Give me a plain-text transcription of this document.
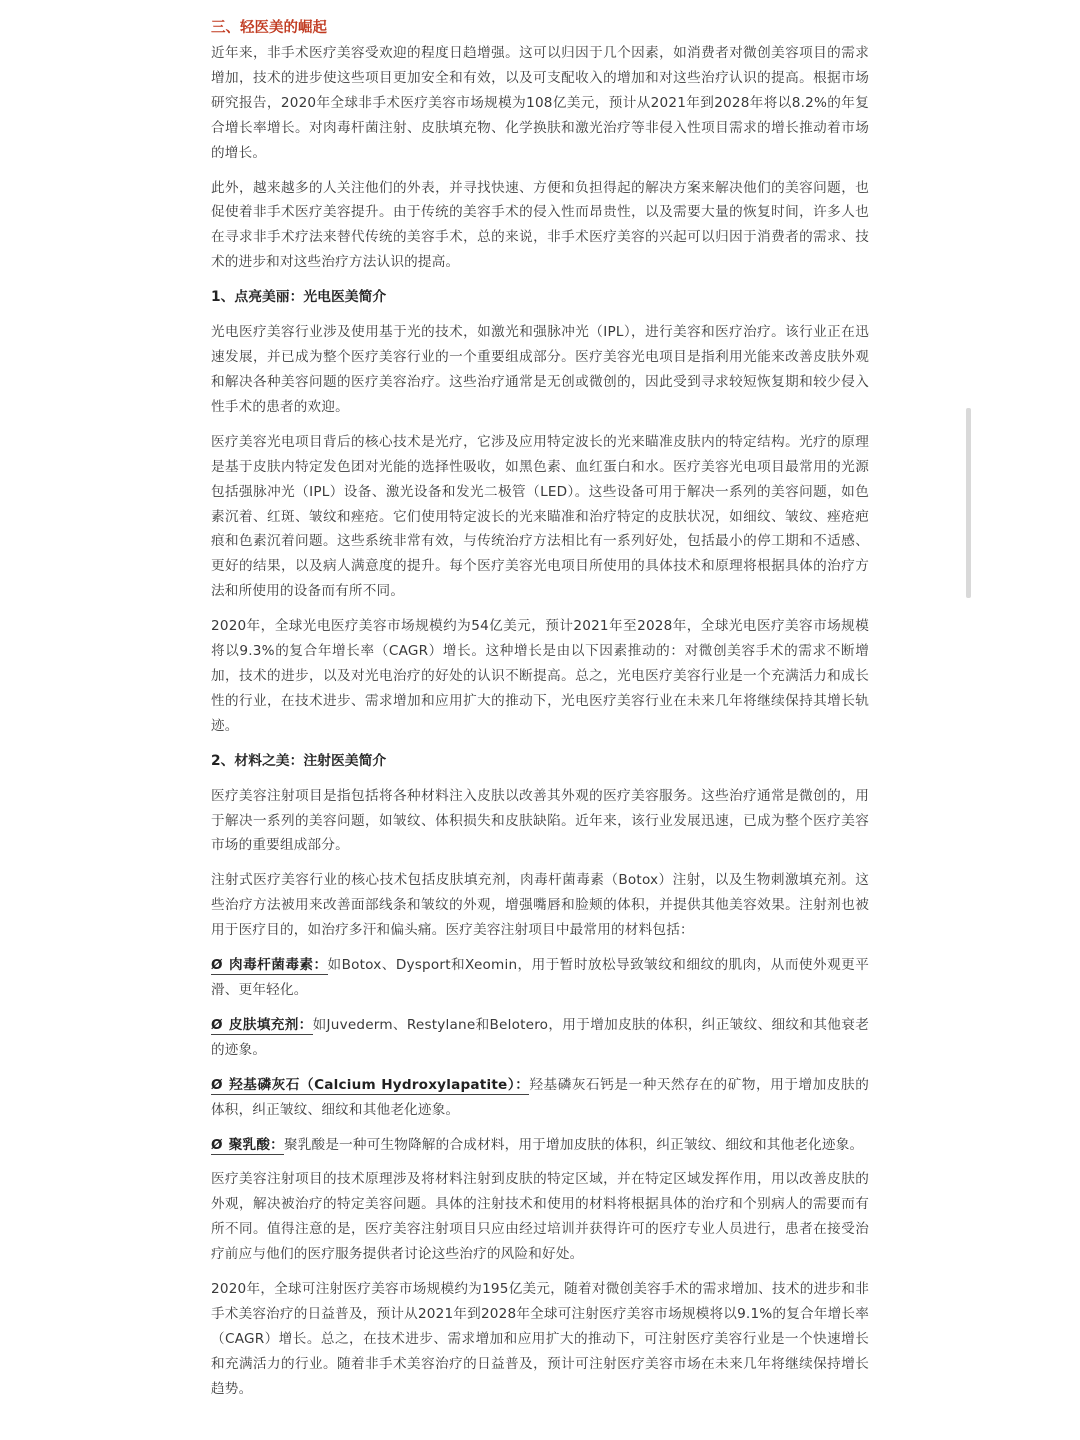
三、轻医美的崛起

近年来，非手术医疗美容受欢迎的程度日趋增强。这可以归因于几个因素，如消费者对微创美容项目的需求增加，技术的进步使这些项目更加安全和有效，以及可支配收入的增加和对这些治疗认识的提高。根据市场研究报告，2020年全球非手术医疗美容市场规模为108亿美元，预计从2021年到2028年将以8.2%的年复合增长率增长。对肉毒杆菌注射、皮肤填充物、化学换肤和激光治疗等非侵入性项目需求的增长推动着市场的增长。

此外，越来越多的人关注他们的外表，并寻找快速、方便和负担得起的解决方案来解决他们的美容问题，也促使着非手术医疗美容提升。由于传统的美容手术的侵入性而昂贵性，以及需要大量的恢复时间，许多人也在寻求非手术疗法来替代传统的美容手术，总的来说，非手术医疗美容的兴起可以归因于消费者的需求、技术的进步和对这些治疗方法认识的提高。

1、点亮美丽：光电医美简介

光电医疗美容行业涉及使用基于光的技术，如激光和强脉冲光（IPL），进行美容和医疗治疗。该行业正在迅速发展，并已成为整个医疗美容行业的一个重要组成部分。医疗美容光电项目是指利用光能来改善皮肤外观和解决各种美容问题的医疗美容治疗。这些治疗通常是无创或微创的，因此受到寻求较短恢复期和较少侵入性手术的患者的欢迎。

医疗美容光电项目背后的核心技术是光疗，它涉及应用特定波长的光来瞄准皮肤内的特定结构。光疗的原理是基于皮肤内特定发色团对光能的选择性吸收，如黑色素、血红蛋白和水。医疗美容光电项目最常用的光源包括强脉冲光（IPL）设备、激光设备和发光二极管（LED）。这些设备可用于解决一系列的美容问题，如色素沉着、红斑、皱纹和痤疮。它们使用特定波长的光来瞄准和治疗特定的皮肤状况，如细纹、皱纹、痤疮疤痕和色素沉着问题。这些系统非常有效，与传统治疗方法相比有一系列好处，包括最小的停工期和不适感、更好的结果，以及病人满意度的提升。每个医疗美容光电项目所使用的具体技术和原理将根据具体的治疗方法和所使用的设备而有所不同。

2020年，全球光电医疗美容市场规模约为54亿美元，预计2021年至2028年，全球光电医疗美容市场规模将以9.3%的复合年增长率（CAGR）增长。这种增长是由以下因素推动的：对微创美容手术的需求不断增加，技术的进步，以及对光电治疗的好处的认识不断提高。总之，光电医疗美容行业是一个充满活力和成长性的行业，在技术进步、需求增加和应用扩大的推动下，光电医疗美容行业在未来几年将继续保持其增长轨迹。

2、材料之美：注射医美简介

医疗美容注射项目是指包括将各种材料注入皮肤以改善其外观的医疗美容服务。这些治疗通常是微创的，用于解决一系列的美容问题，如皱纹、体积损失和皮肤缺陷。近年来，该行业发展迅速，已成为整个医疗美容市场的重要组成部分。

注射式医疗美容行业的核心技术包括皮肤填充剂，肉毒杆菌毒素（Botox）注射，以及生物刺激填充剂。这些治疗方法被用来改善面部线条和皱纹的外观，增强嘴唇和脸颊的体积，并提供其他美容效果。注射剂也被用于医疗目的，如治疗多汗和偏头痛。医疗美容注射项目中最常用的材料包括：

Ø 肉毒杆菌毒素：如Botox、Dysport和Xeomin，用于暂时放松导致皱纹和细纹的肌肉，从而使外观更平滑、更年轻化。

Ø 皮肤填充剂：如Juvederm、Restylane和Belotero，用于增加皮肤的体积，纠正皱纹、细纹和其他衰老的迹象。

Ø 羟基磷灰石（Calcium Hydroxylapatite）：羟基磷灰石钙是一种天然存在的矿物，用于增加皮肤的体积，纠正皱纹、细纹和其他老化迹象。

Ø 聚乳酸：聚乳酸是一种可生物降解的合成材料，用于增加皮肤的体积，纠正皱纹、细纹和其他老化迹象。

医疗美容注射项目的技术原理涉及将材料注射到皮肤的特定区域，并在特定区域发挥作用，用以改善皮肤的外观，解决被治疗的特定美容问题。具体的注射技术和使用的材料将根据具体的治疗和个别病人的需要而有所不同。值得注意的是，医疗美容注射项目只应由经过培训并获得许可的医疗专业人员进行，患者在接受治疗前应与他们的医疗服务提供者讨论这些治疗的风险和好处。

2020年，全球可注射医疗美容市场规模约为195亿美元，随着对微创美容手术的需求增加、技术的进步和非手术美容治疗的日益普及，预计从2021年到2028年全球可注射医疗美容市场规模将以9.1%的复合年增长率（CAGR）增长。总之，在技术进步、需求增加和应用扩大的推动下，可注射医疗美容行业是一个快速增长和充满活力的行业。随着非手术美容治疗的日益普及，预计可注射医疗美容市场在未来几年将继续保持增长趋势。
